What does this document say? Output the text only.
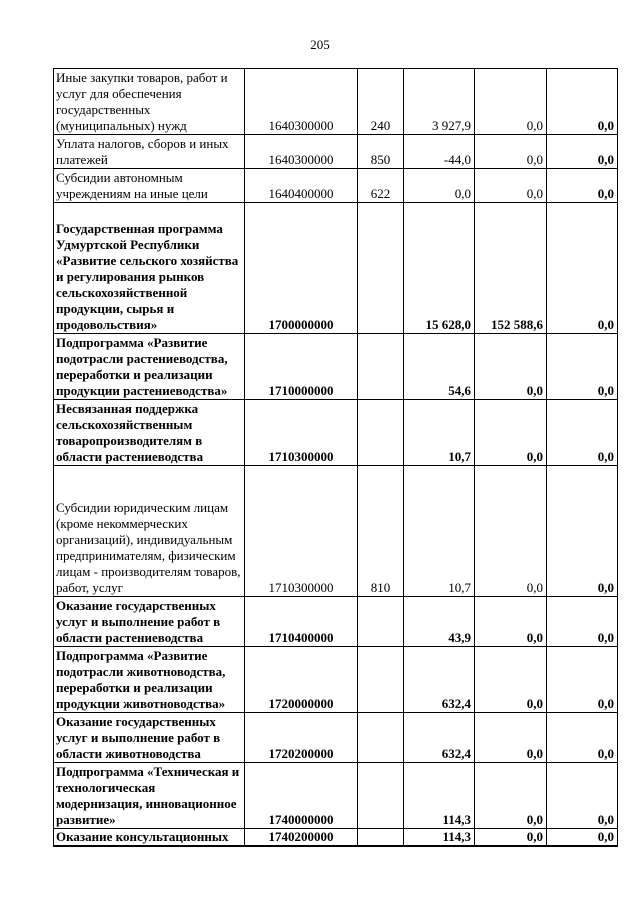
205
Иные закупки товаров, работ и услуг для обеспечения государственных (муниципальных) нужд	1640300000	240	3 927,9	0,0	0,0
Уплата налогов, сборов и иных платежей	1640300000	850	-44,0	0,0	0,0
Субсидии автономным учреждениям на иные цели	1640400000	622	0,0	0,0	0,0
Государственная программа Удмуртской Республики «Развитие сельского хозяйства и регулирования рынков сельскохозяйственной продукции, сырья и продовольствия»	1700000000		15 628,0	152 588,6	0,0
Подпрограмма «Развитие подотрасли растениеводства, переработки и реализации продукции растениеводства»	1710000000		54,6	0,0	0,0
Несвязанная поддержка сельскохозяйственным товаропроизводителям в области растениеводства	1710300000		10,7	0,0	0,0
Субсидии юридическим лицам (кроме некоммерческих организаций), индивидуальным предпринимателям, физическим лицам - производителям товаров, работ, услуг	1710300000	810	10,7	0,0	0,0
Оказание государственных услуг и выполнение работ в области растениеводства	1710400000		43,9	0,0	0,0
Подпрограмма «Развитие подотрасли животноводства, переработки и реализации продукции животноводства»	1720000000		632,4	0,0	0,0
Оказание государственных услуг и выполнение работ в области животноводства	1720200000		632,4	0,0	0,0
Подпрограмма «Техническая и технологическая модернизация, инновационное развитие»	1740000000		114,3	0,0	0,0
Оказание консультационных	1740200000		114,3	0,0	0,0
